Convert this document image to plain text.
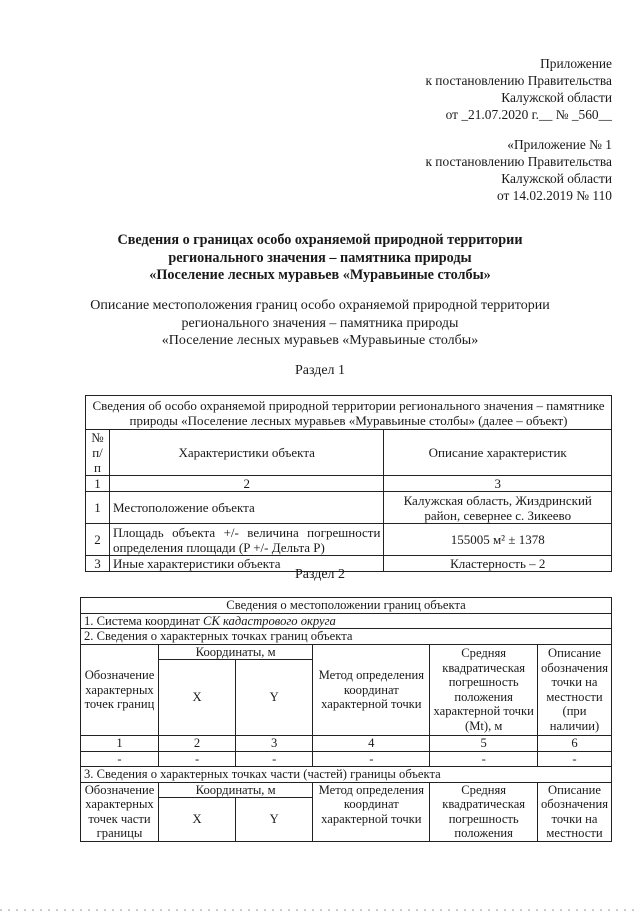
Приложение
к постановлению Правительства
Калужской области
от _21.07.2020 г.__ № _560__
«Приложение № 1
к постановлению Правительства
Калужской области
от 14.02.2019 № 110
Сведения о границах особо охраняемой природной территории
регионального значения – памятника природы
«Поселение лесных муравьев «Муравьиные столбы»
Описание местоположения границ особо охраняемой природной территории
регионального значения – памятника природы
«Поселение лесных муравьев «Муравьиные столбы»
Раздел 1
Сведения об особо охраняемой природной территории регионального значения – памятнике природы «Поселение лесных муравьев «Муравьиные столбы» (далее – объект)		
№ п/п	Характеристики объекта	Описание характеристик
1	2	3
1	Местоположение объекта	Калужская область, Жиздринский район, севернее с. Зикеево
2	Площадь объекта +/- величина погрешности определения площади (P +/- Дельта P)	155005 м² ± 1378
3	Иные характеристики объекта	Кластерность – 2
Раздел 2
Сведения о местоположении границ объекта					
1. Система координат СК кадастрового округа					
2. Сведения о характерных точках границ объекта					
Обозначение характерных точек границ	Координаты, м		Метод определения координат характерной точки	Средняя квадратическая погрешность положения характерной точки (Mt), м	Описание обозначения точки на местности (при наличии)
	X	Y			
1	2	3	4	5	6
-	-	-	-	-	-
3. Сведения о характерных точках части (частей) границы объекта					
Обозначение характерных точек части границы	Координаты, м		Метод определения координат характерной точки	Средняя квадратическая погрешность положения	Описание обозначения точки на местности
	X	Y			
